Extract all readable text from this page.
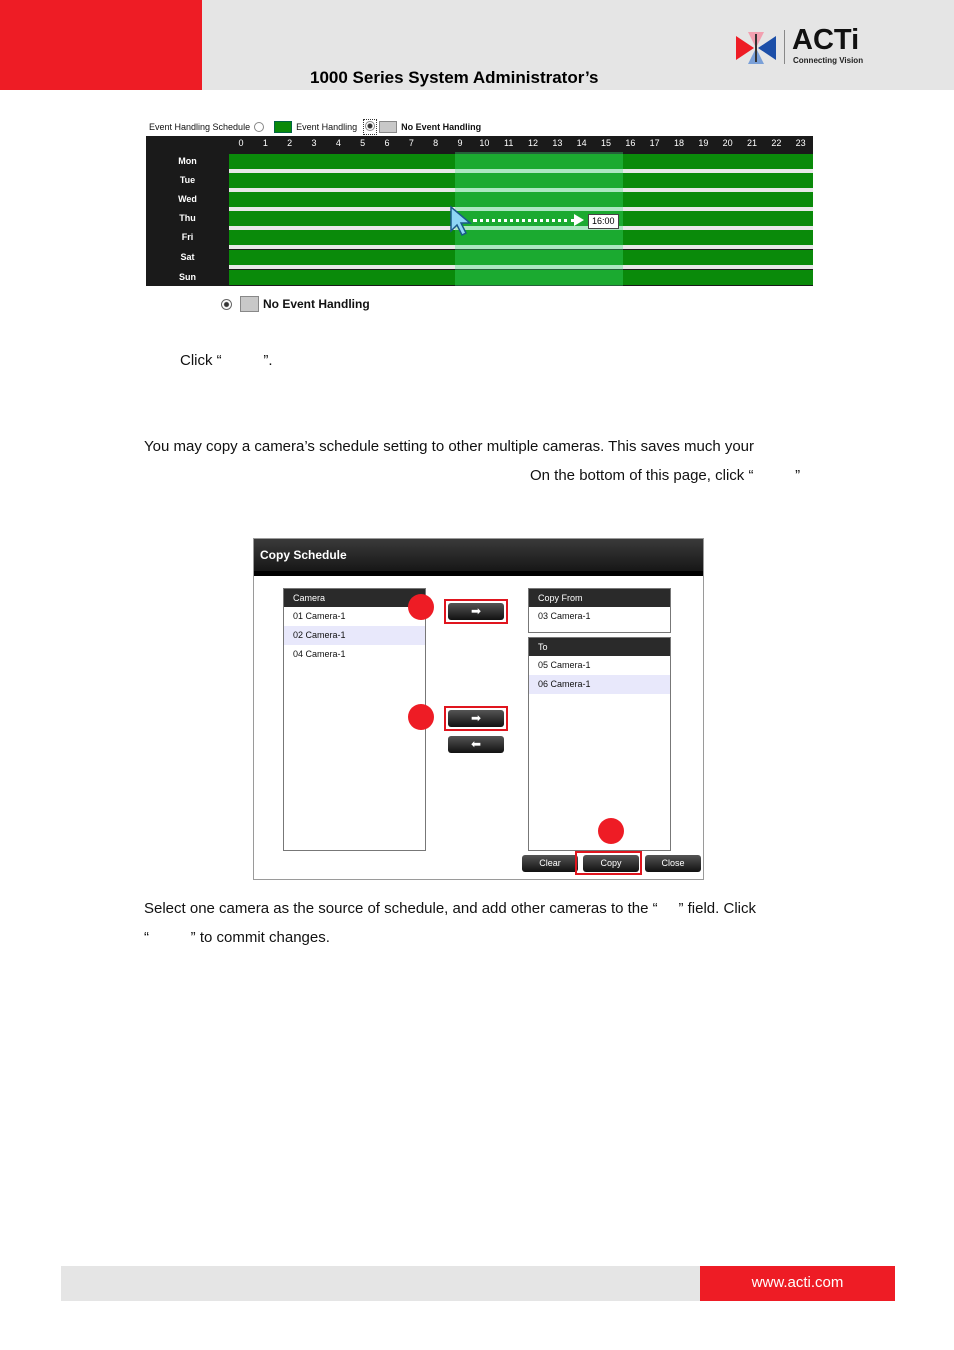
1000 Series System Administrator’s
ACTi
Connecting Vision
Event Handling Schedule	Event Handling	No Event Handling
0	1	2	3	4	5	6	7	8	9	10	11	12	13	14	15	16	17	18	19	20	21	22	23
Mon
Tue
Wed
Thu
Fri
Sat
Sun
16:00
No Event Handling
Click “          ”.
You may copy a camera’s schedule setting to other multiple cameras. This saves much your
On the bottom of this page, click “          ”
Copy Schedule
Camera
01 Camera-1
02 Camera-1
04 Camera-1
Copy From
03 Camera-1
To
05 Camera-1
06 Camera-1
➡
➡
⬅
Clear	Copy	Close
Select one camera as the source of schedule, and add other cameras to the “     ” field. Click
“          ” to commit changes.
www.acti.com
